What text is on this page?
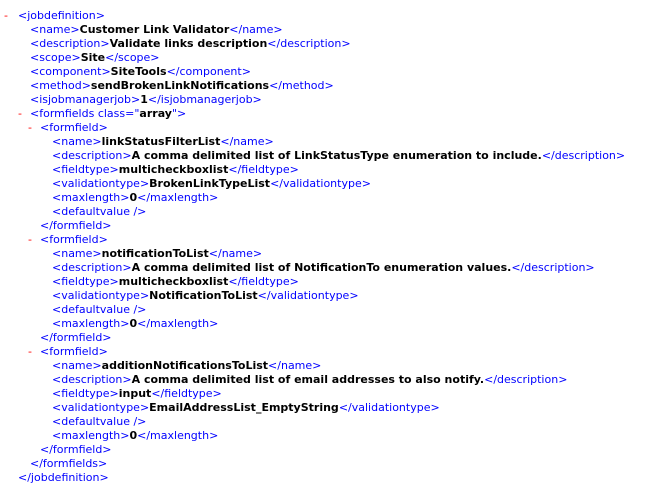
- <jobdefinition>
<name>Customer Link Validator</name>
<description>Validate links description</description>
<scope>Site</scope>
<component>SiteTools</component>
<method>sendBrokenLinkNotifications</method>
<isjobmanagerjob>1</isjobmanagerjob>
- <formfields class="array">
- <formfield>
<name>linkStatusFilterList</name>
<description>A comma delimited list of LinkStatusType enumeration to include.</description>
<fieldtype>multicheckboxlist</fieldtype>
<validationtype>BrokenLinkTypeList</validationtype>
<maxlength>0</maxlength>
<defaultvalue />
</formfield>
- <formfield>
<name>notificationToList</name>
<description>A comma delimited list of NotificationTo enumeration values.</description>
<fieldtype>multicheckboxlist</fieldtype>
<validationtype>NotificationToList</validationtype>
<defaultvalue />
<maxlength>0</maxlength>
</formfield>
- <formfield>
<name>additionNotificationsToList</name>
<description>A comma delimited list of email addresses to also notify.</description>
<fieldtype>input</fieldtype>
<validationtype>EmailAddressList_EmptyString</validationtype>
<defaultvalue />
<maxlength>0</maxlength>
</formfield>
</formfields>
</jobdefinition>
